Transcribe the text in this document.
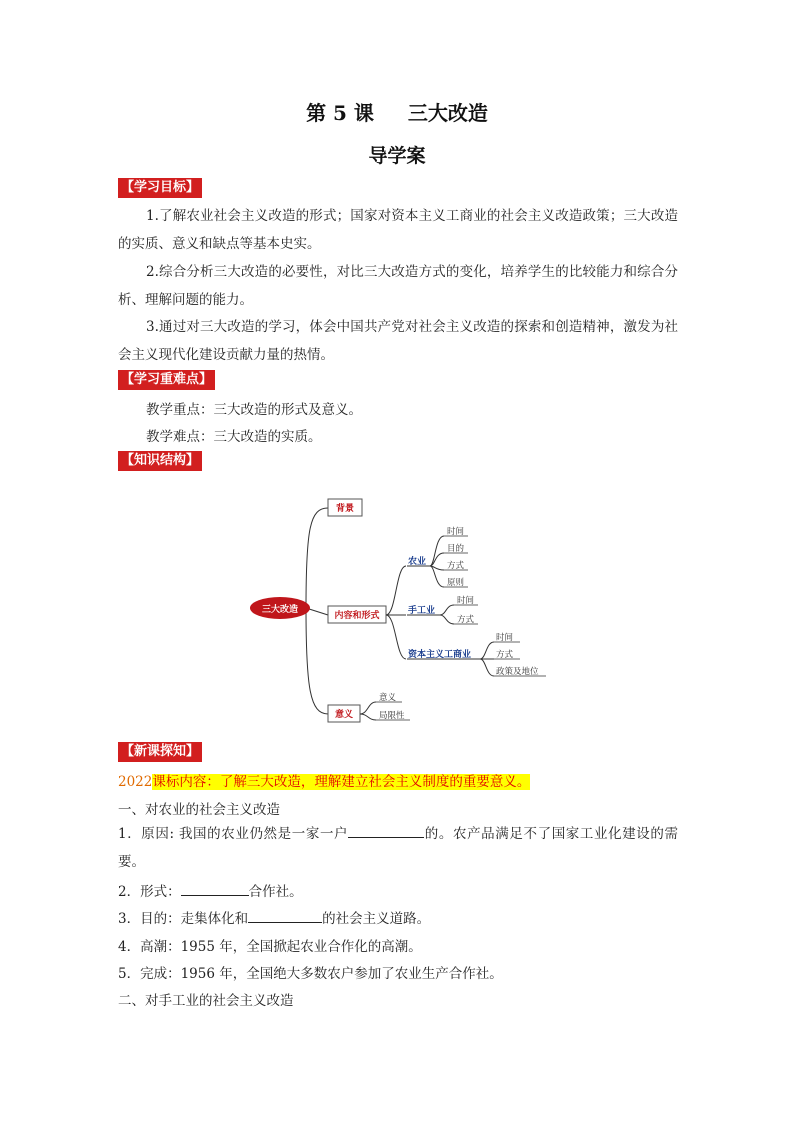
第 5 课 三大改造
导学案
【学习目标】
1.了解农业社会主义改造的形式；国家对资本主义工商业的社会主义改造政策；三大改造的实质、意义和缺点等基本史实。
2.综合分析三大改造的必要性，对比三大改造方式的变化，培养学生的比较能力和综合分析、理解问题的能力。
3.通过对三大改造的学习，体会中国共产党对社会主义改造的探索和创造精神，激发为社会主义现代化建设贡献力量的热情。
【学习重难点】
教学重点：三大改造的形式及意义。
教学难点：三大改造的实质。
【知识结构】
三大改造
背景
内容和形式
意义
农业
时间
目的
方式
原则
手工业
时间
方式
资本主义工商业
时间
方式
政策及地位
意义
局限性
【新课探知】
2022课标内容：了解三大改造，理解建立社会主义制度的重要意义。
一、对农业的社会主义改造
1．原因: 我国的农业仍然是一家一户	的。农产品满足不了国家工业化建设的需要。
2．形式：	合作社。
3．目的：走集体化和	的社会主义道路。
4．高潮：1955 年，全国掀起农业合作化的高潮。
5．完成：1956 年，全国绝大多数农户参加了农业生产合作社。
二、对手工业的社会主义改造
